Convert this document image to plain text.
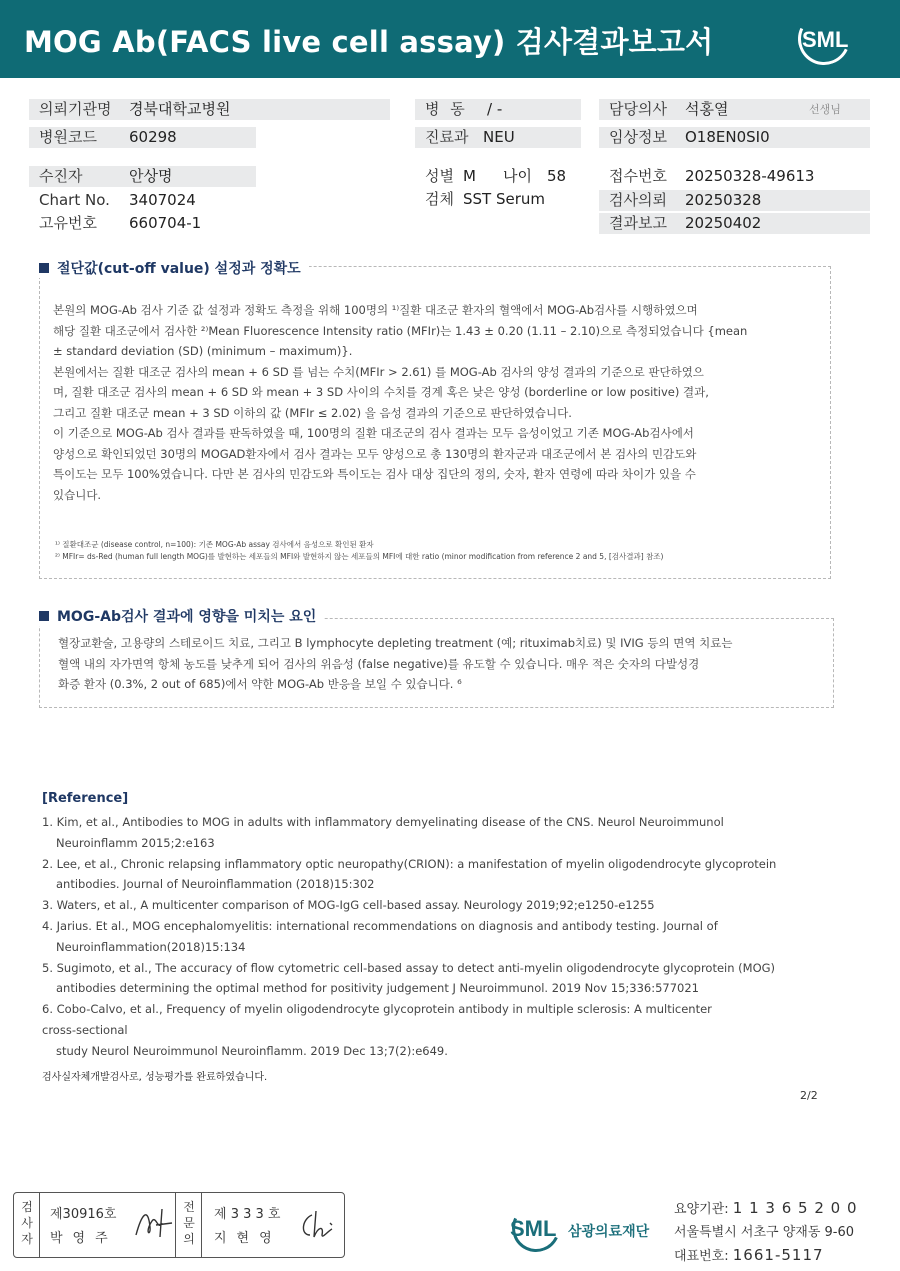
MOG Ab(FACS live cell assay) 검사결과보고서	SML
의뢰기관명 경북대학교병원
병원코드 60298
병 동 / -
진료과 NEU
담당의사 석홍열	선생님
임상정보 O18EN0SI0
수진자	안상명
Chart No. 3407024
고유번호 660704-1
성별 M 나이 58
검체 SST Serum
접수번호 20250328-49613
검사의뢰 20250328
결과보고 20250402
절단값(cut-off value) 설정과 정확도

본원의 MOG-Ab 검사 기준 값 설정과 정확도 측정을 위해 100명의 ¹⁾질환 대조군 환자의 혈액에서 MOG-Ab검사를 시행하였으며

해당 질환 대조군에서 검사한 ²⁾Mean Fluorescence Intensity ratio (MFIr)는 1.43 ± 0.20 (1.11 – 2.10)으로 측정되었습니다 {mean

± standard deviation (SD) (minimum – maximum)}.

본원에서는 질환 대조군 검사의 mean + 6 SD 를 넘는 수치(MFIr > 2.61) 를 MOG-Ab 검사의 양성 결과의 기준으로 판단하였으

며, 질환 대조군 검사의 mean + 6 SD 와 mean + 3 SD 사이의 수치를 경계 혹은 낮은 양성 (borderline or low positive) 결과,

그리고 질환 대조군 mean + 3 SD 이하의 값 (MFIr ≤ 2.02) 을 음성 결과의 기준으로 판단하였습니다.

이 기준으로 MOG-Ab 검사 결과를 판독하였을 때, 100명의 질환 대조군의 검사 결과는 모두 음성이었고 기존 MOG-Ab검사에서

양성으로 확인되었던 30명의 MOGAD환자에서 검사 결과는 모두 양성으로 총 130명의 환자군과 대조군에서 본 검사의 민감도와

특이도는 모두 100%였습니다. 다만 본 검사의 민감도와 특이도는 검사 대상 집단의 정의, 숫자, 환자 연령에 따라 차이가 있을 수

있습니다.

¹⁾ 질환대조군 (disease control, n=100): 기존 MOG-Ab assay 검사에서 음성으로 확인된 환자
²⁾ MFIr= ds-Red (human full length MOG)를 발현하는 세포들의 MFI와 발현하지 않는 세포들의 MFI에 대한 ratio (minor modification from reference 2 and 5, [검사결과] 참조)
MOG-Ab검사 결과에 영향을 미치는 요인

혈장교환술, 고용량의 스테로이드 치료, 그리고 B lymphocyte depleting treatment (예; rituximab치료) 및 IVIG 등의 면역 치료는

혈액 내의 자가면역 항체 농도를 낮추게 되어 검사의 위음성 (false negative)를 유도할 수 있습니다. 매우 적은 숫자의 다발성경

화증 환자 (0.3%, 2 out of 685)에서 약한 MOG-Ab 반응을 보일 수 있습니다. ⁶

[Reference]

1. Kim, et al., Antibodies to MOG in adults with inflammatory demyelinating disease of the CNS. Neurol Neuroimmunol

Neuroinflamm 2015;2:e163

2. Lee, et al., Chronic relapsing inflammatory optic neuropathy(CRION): a manifestation of myelin oligodendrocyte glycoprotein

antibodies. Journal of Neuroinflammation (2018)15:302

3. Waters, et al., A multicenter comparison of MOG-IgG cell-based assay. Neurology 2019;92;e1250-e1255

4. Jarius. Et al., MOG encephalomyelitis: international recommendations on diagnosis and antibody testing. Journal of

Neuroinflammation(2018)15:134

5. Sugimoto, et al., The accuracy of flow cytometric cell-based assay to detect anti-myelin oligodendrocyte glycoprotein (MOG)

antibodies determining the optimal method for positivity judgement J Neuroimmunol. 2019 Nov 15;336:577021

6. Cobo-Calvo, et al., Frequency of myelin oligodendrocyte glycoprotein antibody in multiple sclerosis: A multicenter

cross-sectional

study Neurol Neuroimmunol Neuroinflamm. 2019 Dec 13;7(2):e649.

검사실자체개발검사로, 성능평가를 완료하였습니다.
2/2
검사자
제30916호
박영주
전문의
제 3 3 3 호
지현영	SML 삼광의료재단

요양기관: 1 1 3 6 5 2 0 0

서울특별시 서초구 양재동 9-60

대표번호: 1661-5117
